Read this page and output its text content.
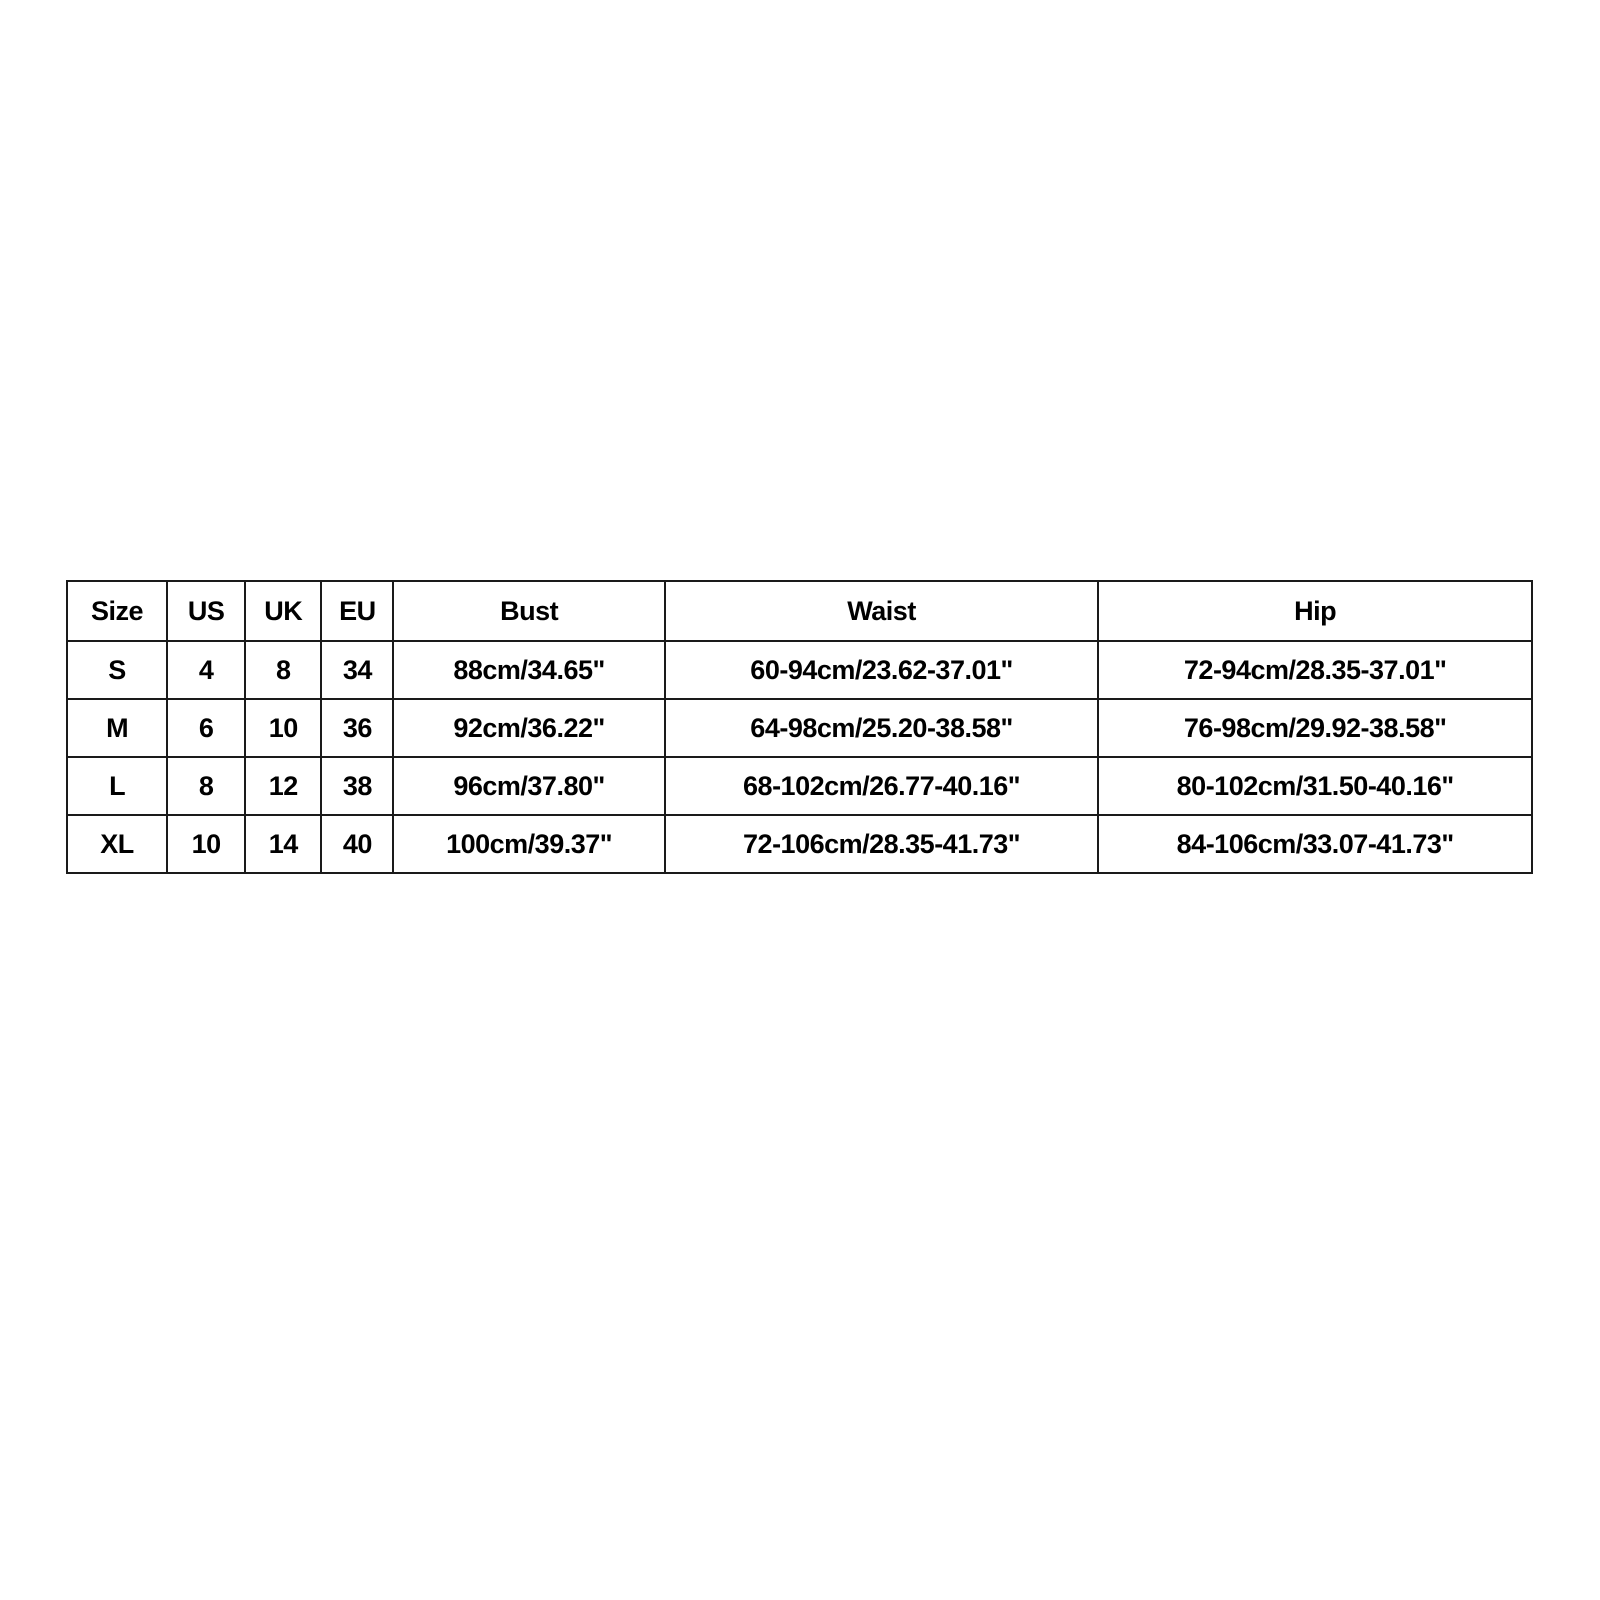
Size	US	UK	EU	Bust	Waist	Hip
S	4	8	34	88cm/34.65"	60-94cm/23.62-37.01"	72-94cm/28.35-37.01"
M	6	10	36	92cm/36.22"	64-98cm/25.20-38.58"	76-98cm/29.92-38.58"
L	8	12	38	96cm/37.80"	68-102cm/26.77-40.16"	80-102cm/31.50-40.16"
XL	10	14	40	100cm/39.37"	72-106cm/28.35-41.73"	84-106cm/33.07-41.73"
